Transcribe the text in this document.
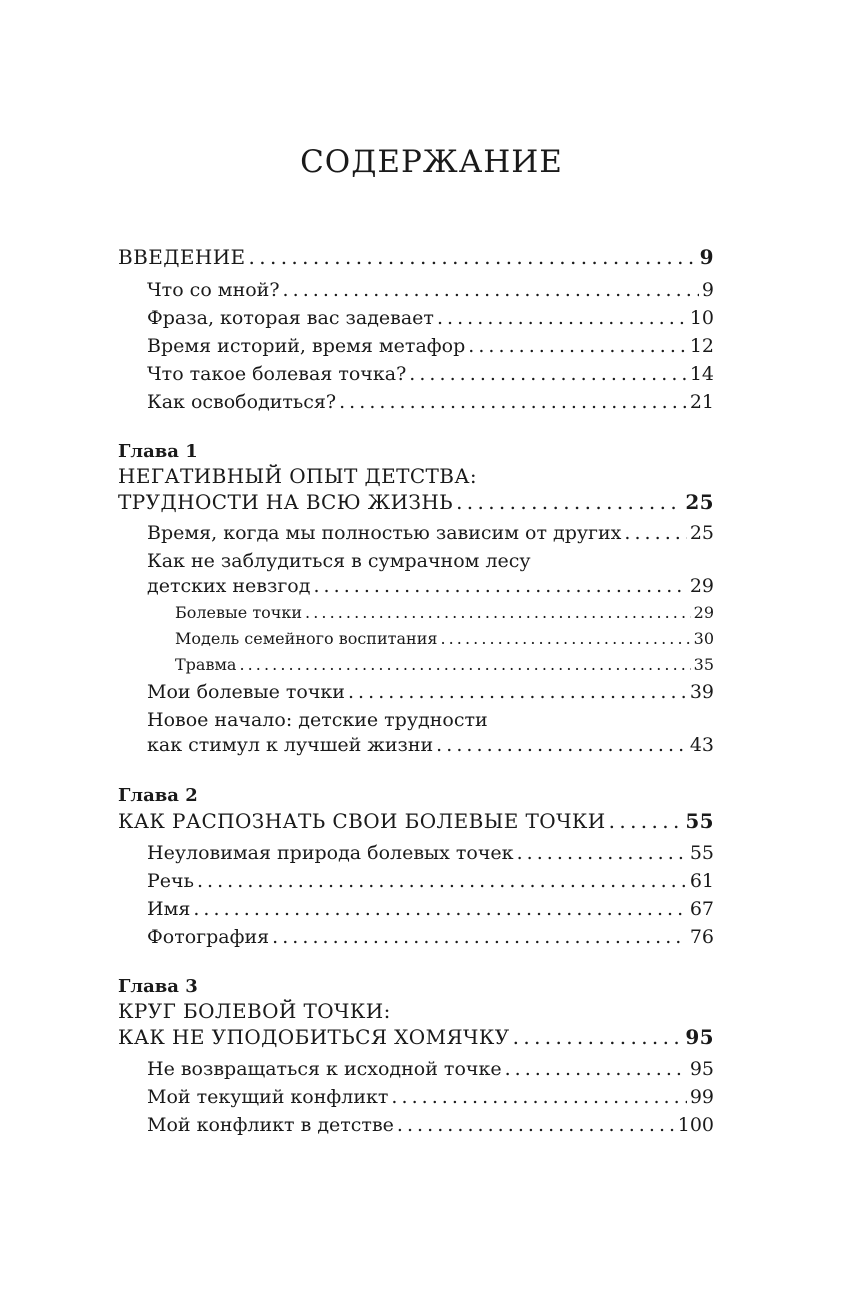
СОДЕРЖАНИЕ
ВВЕДЕНИЕ . . .	9
Что со мной? . . .	9
Фраза, которая вас задевает . . .	10
Время историй, время метафор . . .	12
Что такое болевая точка? . . .	14
Как освободиться? . . .	21
Глава 1
НЕГАТИВНЫЙ ОПЫТ ДЕТСТВА:
ТРУДНОСТИ НА ВСЮ ЖИЗНЬ . . .	25
Время, когда мы полностью зависим от других . . .	25
Как не заблудиться в сумрачном лесу
детских невзгод . . .	29
Болевые точки . . .	29
Модель семейного воспитания . . .	30
Травма . . .	35
Мои болевые точки . . .	39
Новое начало: детские трудности
как стимул к лучшей жизни . . .	43
Глава 2
КАК РАСПОЗНАТЬ СВОИ БОЛЕВЫЕ ТОЧКИ . . .	55
Неуловимая природа болевых точек . . .	55
Речь . . .	61
Имя . . .	67
Фотография . . .	76
Глава 3
КРУГ БОЛЕВОЙ ТОЧКИ:
КАК НЕ УПОДОБИТЬСЯ ХОМЯЧКУ . . .	95
Не возвращаться к исходной точке . . .	95
Мой текущий конфликт . . .	99
Мой конфликт в детстве . . .	100
